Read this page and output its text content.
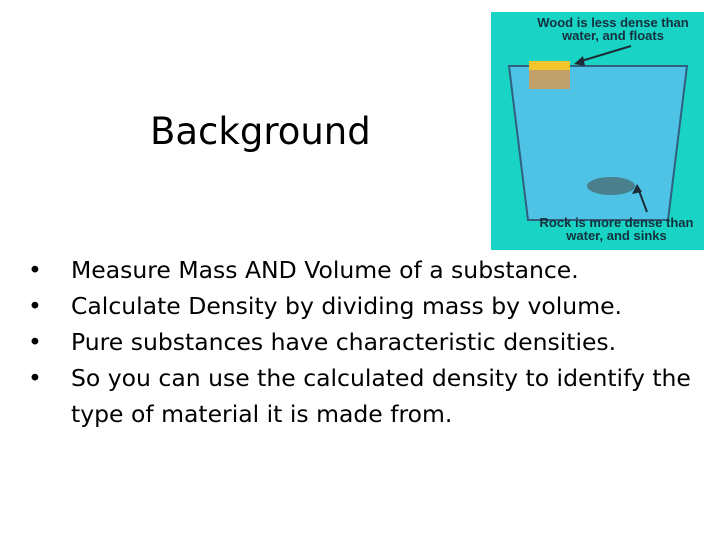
Background
• Measure Mass AND Volume of a substance.
• Calculate Density by dividing mass by volume.
• Pure substances have characteristic densities.
• So you can use the calculated density to identify the type of material it is made from.
Wood is less dense than water, and floats
Rock is more dense than water, and sinks
